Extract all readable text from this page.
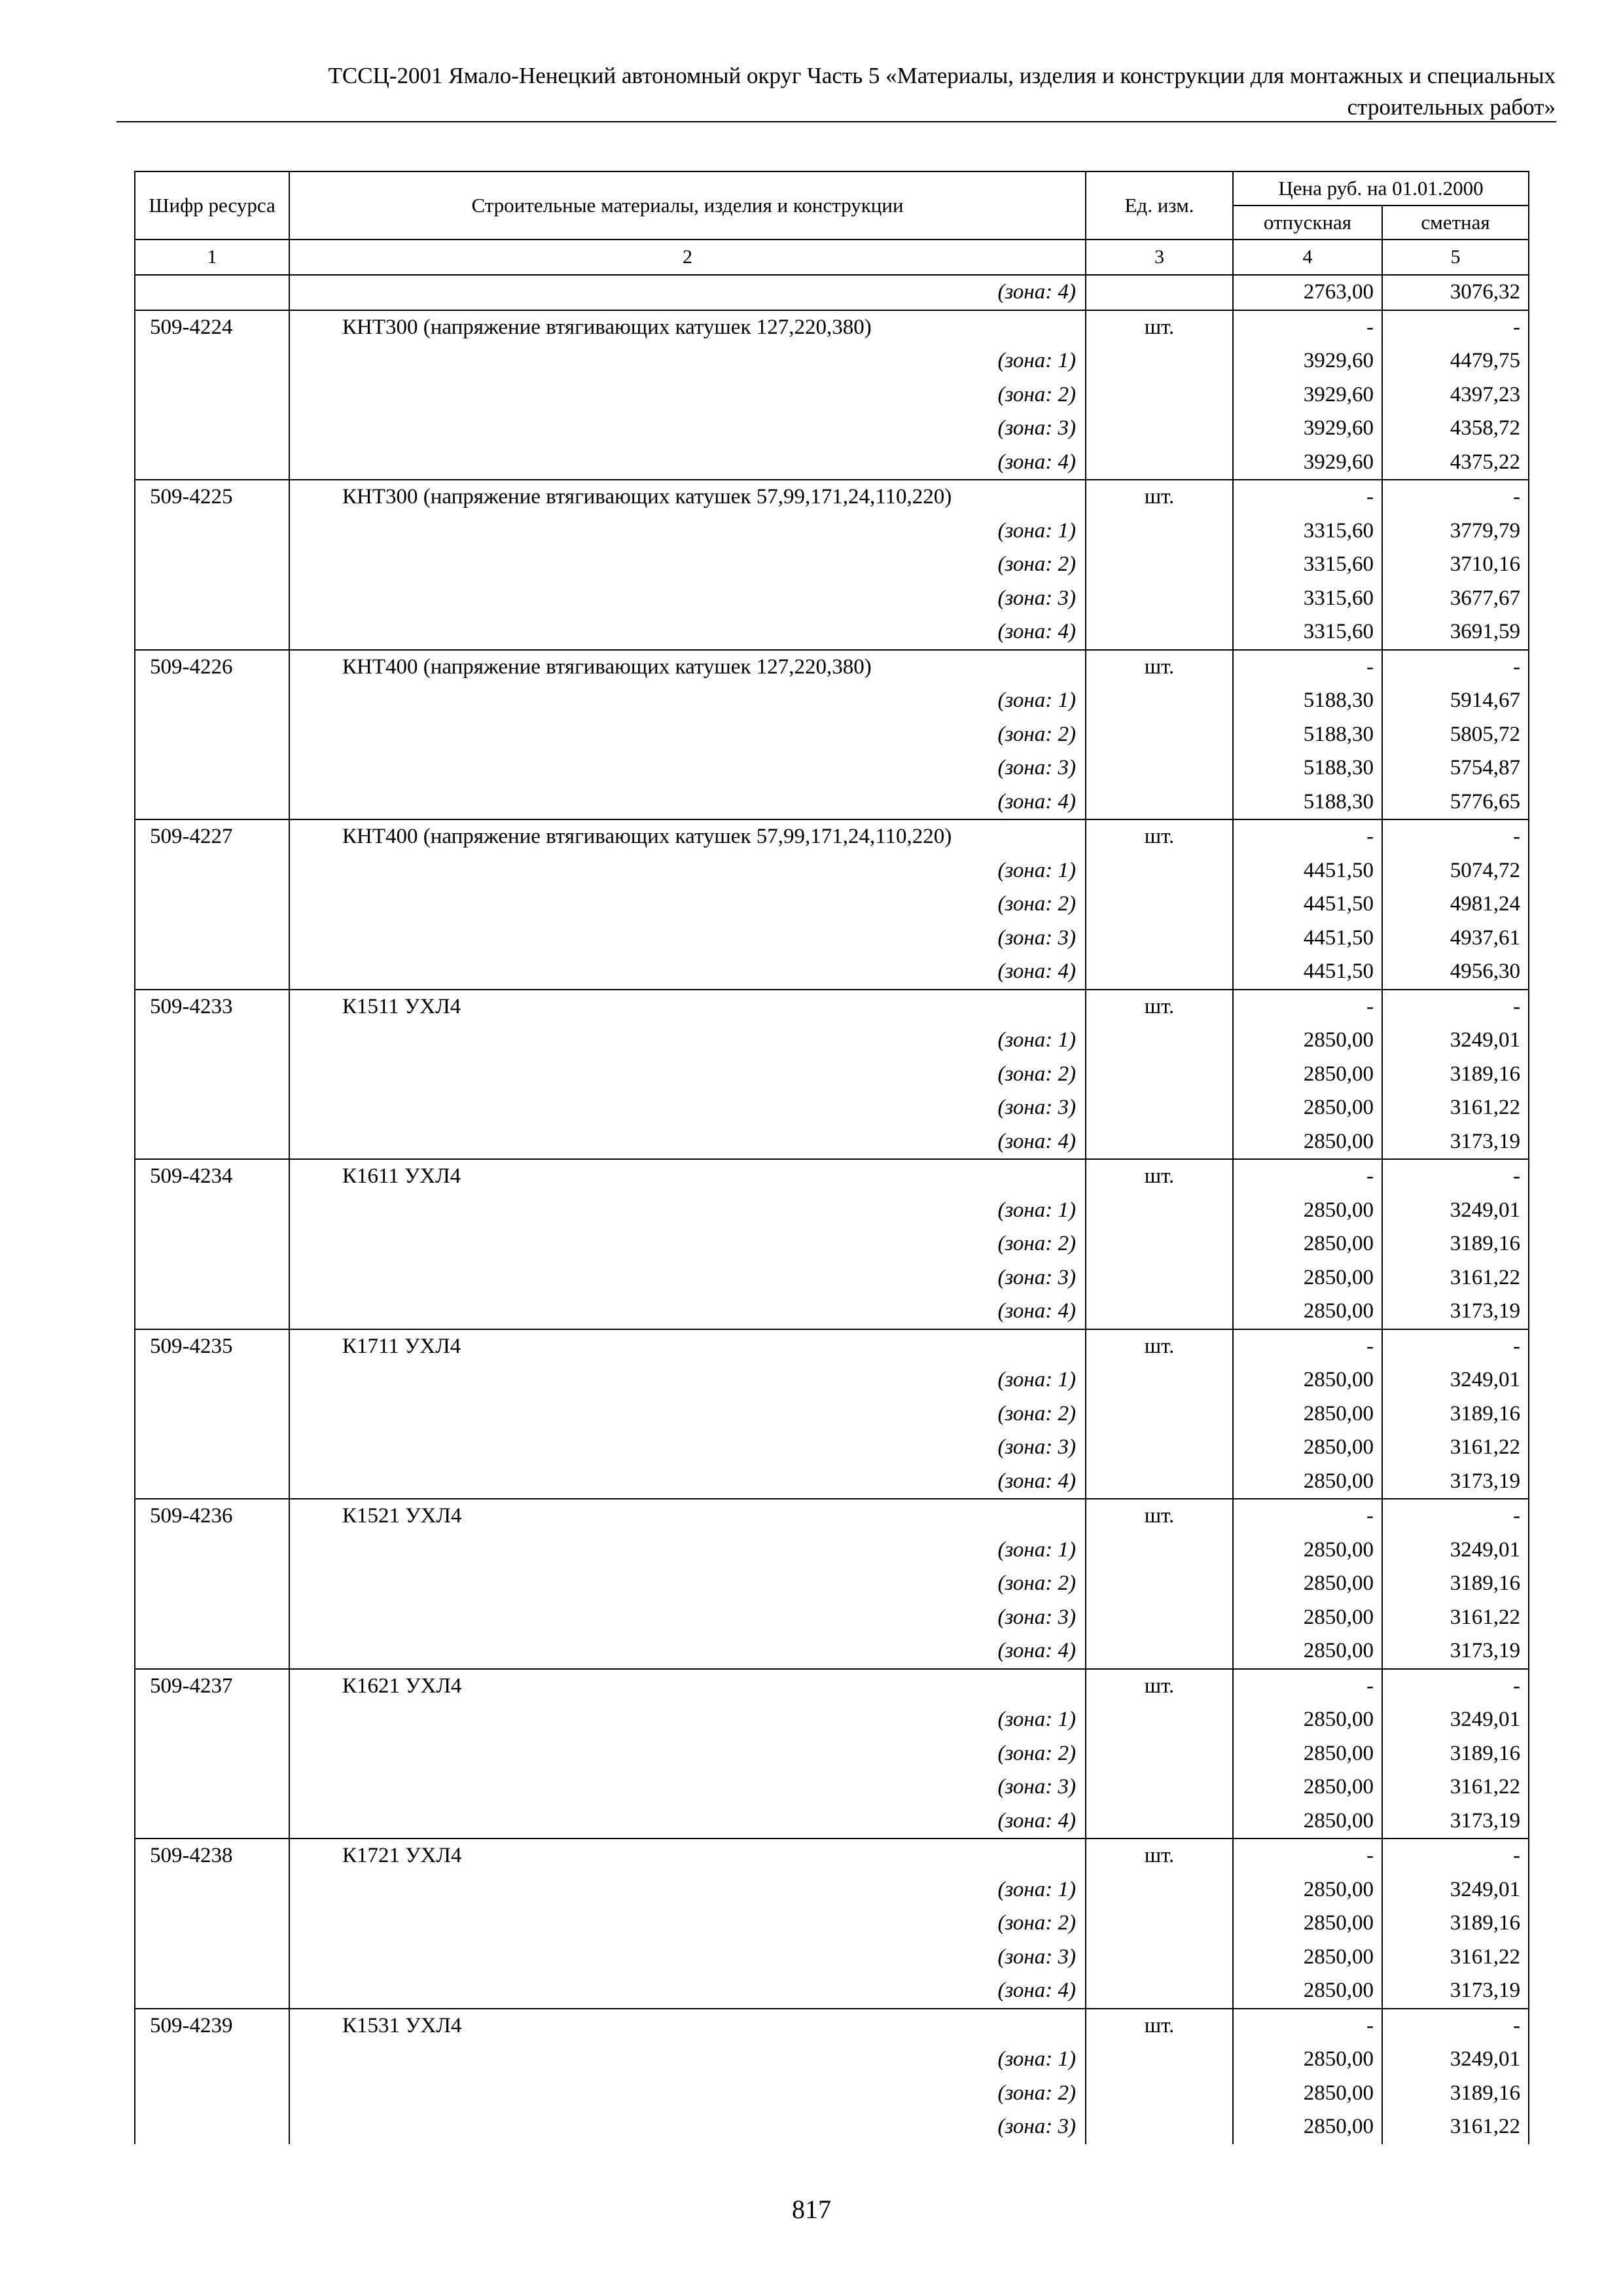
ТССЦ-2001 Ямало-Ненецкий автономный округ Часть 5 «Материалы, изделия и конструкции для монтажных и специальных
строительных работ»
Шифр ресурса	Строительные материалы, изделия и конструкции	Ед. изм.	Цена руб. на 01.01.2000	
			отпускная	сметная
1	2	3	4	5
	(зона: 4)		2763,00	3076,32
509-4224	КНТ300 (напряжение втягивающих катушек 127,220,380)	шт.	-	-
	(зона: 1)		3929,60	4479,75
	(зона: 2)		3929,60	4397,23
	(зона: 3)		3929,60	4358,72
	(зона: 4)		3929,60	4375,22
509-4225	КНТ300 (напряжение втягивающих катушек 57,99,171,24,110,220)	шт.	-	-
	(зона: 1)		3315,60	3779,79
	(зона: 2)		3315,60	3710,16
	(зона: 3)		3315,60	3677,67
	(зона: 4)		3315,60	3691,59
509-4226	КНТ400 (напряжение втягивающих катушек 127,220,380)	шт.	-	-
	(зона: 1)		5188,30	5914,67
	(зона: 2)		5188,30	5805,72
	(зона: 3)		5188,30	5754,87
	(зона: 4)		5188,30	5776,65
509-4227	КНТ400 (напряжение втягивающих катушек 57,99,171,24,110,220)	шт.	-	-
	(зона: 1)		4451,50	5074,72
	(зона: 2)		4451,50	4981,24
	(зона: 3)		4451,50	4937,61
	(зона: 4)		4451,50	4956,30
509-4233	К1511 УХЛ4	шт.	-	-
	(зона: 1)		2850,00	3249,01
	(зона: 2)		2850,00	3189,16
	(зона: 3)		2850,00	3161,22
	(зона: 4)		2850,00	3173,19
509-4234	К1611 УХЛ4	шт.	-	-
	(зона: 1)		2850,00	3249,01
	(зона: 2)		2850,00	3189,16
	(зона: 3)		2850,00	3161,22
	(зона: 4)		2850,00	3173,19
509-4235	К1711 УХЛ4	шт.	-	-
	(зона: 1)		2850,00	3249,01
	(зона: 2)		2850,00	3189,16
	(зона: 3)		2850,00	3161,22
	(зона: 4)		2850,00	3173,19
509-4236	К1521 УХЛ4	шт.	-	-
	(зона: 1)		2850,00	3249,01
	(зона: 2)		2850,00	3189,16
	(зона: 3)		2850,00	3161,22
	(зона: 4)		2850,00	3173,19
509-4237	К1621 УХЛ4	шт.	-	-
	(зона: 1)		2850,00	3249,01
	(зона: 2)		2850,00	3189,16
	(зона: 3)		2850,00	3161,22
	(зона: 4)		2850,00	3173,19
509-4238	К1721 УХЛ4	шт.	-	-
	(зона: 1)		2850,00	3249,01
	(зона: 2)		2850,00	3189,16
	(зона: 3)		2850,00	3161,22
	(зона: 4)		2850,00	3173,19
509-4239	К1531 УХЛ4	шт.	-	-
	(зона: 1)		2850,00	3249,01
	(зона: 2)		2850,00	3189,16
	(зона: 3)		2850,00	3161,22
817
